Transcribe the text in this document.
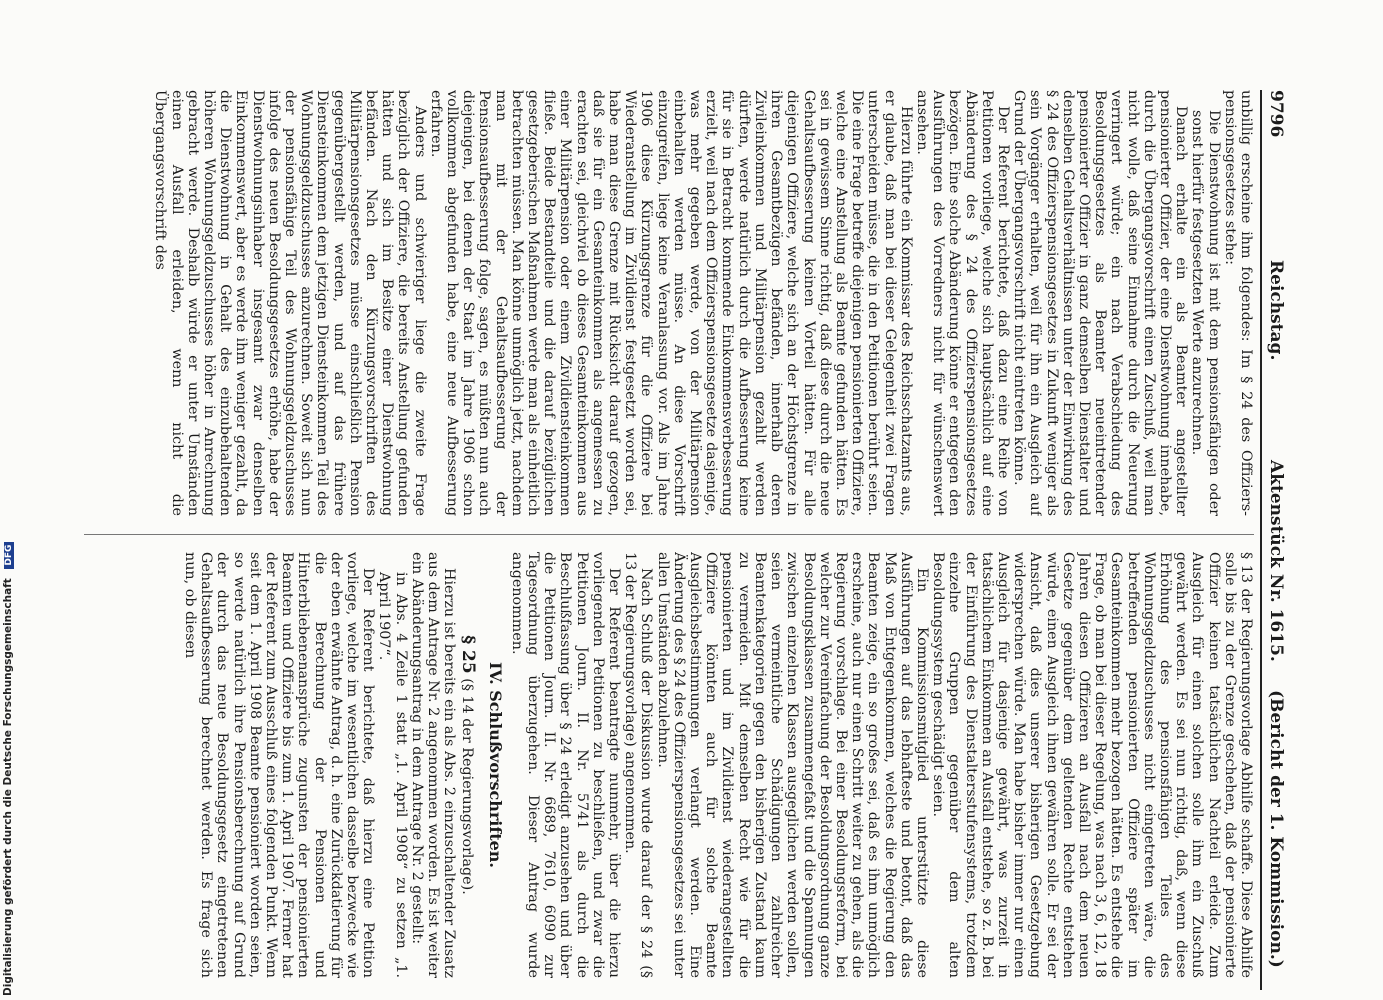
9796
Reichstag.
Aktenstück Nr. 1615.
(Bericht der 1. Kommission.)

unbillig erscheine ihm folgendes: Im § 24 des Offiziers-pensionsgesetzes stehe:

Die Dienstwohnung ist mit dem pensionsfähigen oder sonst hierfür festgesetzten Werte anzurechnen.

Danach erhalte ein als Beamter angestellter pensionierter Offizier, der eine Dienstwohnung innehabe, durch die Übergangsvorschrift einen Zuschuß, weil man nicht wolle, daß seine Einnahme durch die Neuerung verringert würde; ein nach Verabschiedung des Besoldungsgesetzes als Beamter neueintretender pensionierter Offizier in ganz demselben Dienstalter und denselben Gehaltsverhältnissen unter der Einwirkung des § 24 des Offizierspensionsgesetzes in Zukunft weniger als sein Vorgänger erhalten, weil für ihn ein Ausgleich auf Grund der Übergangsvorschrift nicht eintreten könne.

Der Referent berichtete, daß dazu eine Reihe von Petitionen vorliege, welche sich hauptsächlich auf eine Abänderung des § 24 des Offizierspensionsgesetzes bezögen. Eine solche Abänderung könne er entgegen den Ausführungen des Vorredners nicht für wünschenswert ansehen.

Hierzu führte ein Kommissar des Reichsschatzamts aus, er glaube, daß man bei dieser Gelegenheit zwei Fragen unterscheiden müsse, die in den Petitionen berührt seien. Die eine Frage betreffe diejenigen pensionierten Offiziere, welche eine Anstellung als Beamte gefunden hätten. Es sei in gewissem Sinne richtig, daß diese durch die neue Gehaltsaufbesserung keinen Vorteil hätten. Für alle diejenigen Offiziere, welche sich an der Höchstgrenze in ihren Gesamtbezügen befänden, innerhalb deren Zivileinkommen und Militärpension gezahlt werden dürften, werde natürlich durch die Aufbesserung keine für sie in Betracht kommende Einkommensverbesserung erzielt, weil nach dem Offizierspensionsgesetze dasjenige, was mehr gegeben werde, von der Militärpension einbehalten werden müsse. An diese Vorschrift einzugreifen, liege keine Veranlassung vor. Als im Jahre 1906 diese Kürzungsgrenze für die Offiziere bei Wiederanstellung im Zivildienst festgesetzt worden sei, habe man diese Grenze mit Rücksicht darauf gezogen, daß sie für ein Gesamteinkommen als angemessen zu erachten sei, gleichviel ob dieses Gesamteinkommen aus einer Militärpension oder einem Zivildiensteinkommen fließe. Beide Bestandteile und die darauf bezüglichen gesetzgeberischen Maßnahmen werde man als einheitlich betrachten müssen. Man könne unmöglich jetzt, nachdem man mit der Gehaltsaufbesserung der Pensionsaufbesserung folge, sagen, es müßten nun auch diejenigen, bei denen der Staat im Jahre 1906 schon vollkommen abgefunden habe, eine neue Aufbesserung erfahren.

Anders und schwieriger liege die zweite Frage bezüglich der Offiziere, die bereits Anstellung gefunden hätten und sich im Besitze einer Dienstwohnung befänden. Nach den Kürzungsvorschriften des Militärpensionsgesetzes müsse einschließlich Pension gegenübergestellt werden, und auf das frühere Diensteinkommen dem jetzigen Diensteinkommen Teil des Wohnungsgeldzuschusses anzurechnen. Soweit sich nun der pensionsfähige Teil des Wohnungsgeldzuschusses infolge des neuen Besoldungsgesetzes erhöhe, habe der Dienstwohnungsinhaber insgesamt zwar denselben Einkommenswert, aber es werde ihm weniger gezahlt, da die Dienstwohnung in Gehalt des einzubehaltenden höheren Wohnungsgeldzuschusses höher in Anrechnung gebracht werde. Deshalb würde er unter Umständen einen Ausfall erleiden, wenn nicht die Übergangsvorschrift des

§ 13 der Regierungsvorlage Abhilfe schaffe. Diese Abhilfe solle bis zu der Grenze geschehen, daß der pensionierte Offizier keinen tatsächlichen Nachteil erleide. Zum Ausgleich für einen solchen solle ihm ein Zuschuß gewährt werden. Es sei nun richtig, daß, wenn diese Erhöhung des pensionsfähigen Teiles des Wohnungsgeldzuschusses nicht eingetreten wäre, die betreffenden pensionierten Offiziere später im Gesamteinkommen mehr bezogen hätten. Es entstehe die Frage, ob man bei dieser Regelung, was nach 3, 6, 12, 18 Jahren diesen Offizieren an Ausfall nach dem neuen Gesetze gegenüber dem geltenden Rechte entstehen würde, einen Ausgleich ihnen gewähren solle. Er sei der Ansicht, daß dies unserer bisherigen Gesetzgebung widersprechen würde. Man habe bisher immer nur einen Ausgleich für dasjenige gewährt, was zurzeit in tatsächlichem Einkommen an Ausfall entstehe, so z. B. bei der Einführung des Dienstaltersstufensystems, trotzdem einzelne Gruppen gegenüber dem alten Besoldungssystem geschädigt seien.

Ein Kommissionsmitglied unterstützte diese Ausführungen auf das lebhafteste und betont, daß das Maß von Entgegenkommen, welches die Regierung den Beamten zeige, ein so großes sei, daß es ihm unmöglich erscheine, auch nur einen Schritt weiter zu gehen, als die Regierung vorschlage. Bei einer Besoldungsreform, bei welcher zur Vereinfachung der Besoldungsordnung ganze Besoldungsklassen zusammengefaßt und die Spannungen zwischen einzelnen Klassen ausgeglichen werden sollen, seien vermeintliche Schädigungen zahlreicher Beamtenkategorien gegen den bisherigen Zustand kaum zu vermeiden. Mit demselben Recht wie für die pensionierten und im Zivildienst wiederangestellten Offiziere könnten auch für solche Beamte Ausgleichsbestimmungen verlangt werden. Eine Änderung des § 24 des Offizierspensionsgesetzes sei unter allen Umständen abzulehnen.

Nach Schluß der Diskussion wurde darauf der § 24 (§ 13 der Regierungsvorlage) angenommen.

Der Referent beantragte nunmehr, über die hierzu vorliegenden Petitionen zu beschließen, und zwar die Petitionen Journ. II. Nr. 5741 als durch die Beschlußfassung über § 24 erledigt anzusehen und über die Petitionen Journ. II. Nr. 6689, 7610, 6090 zur Tagesordnung überzugehen. Dieser Antrag wurde angenommen.

IV. Schlußvorschriften.

§ 25 (§ 14 der Regierungsvorlage).

Hierzu ist bereits ein als Abs. 2 einzuschaltender Zusatz aus dem Antrage Nr. 2 angenommen worden. Es ist weiter ein Abänderungsantrag in dem Antrage Nr. 2 gestellt:

in Abs. 4 Zeile 1 statt „1. April 1908“ zu setzen „1. April 1907“.

Der Referent berichtete, daß hierzu eine Petition vorliege, welche im wesentlichen dasselbe bezwecke wie der eben erwähnte Antrag, d. h. eine Zurückdatierung für die Berechnung der Pensionen und Hinterbliebenenansprüche zugunsten der pensionierten Beamten und Offiziere bis zum 1. April 1907. Ferner hat der Referent zum Ausschluß eines folgenden Punkt. Wenn seit dem 1. April 1908 Beamte pensioniert worden seien, so werde natürlich ihre Pensionsberechnung auf Grund der durch das neue Besoldungsgesetz eingetretenen Gehaltsaufbesserung berechnet werden. Es frage sich nun, ob diesen

Digitalisierung gefördert durch die Deutsche Forschungsgemeinschaft DFG
